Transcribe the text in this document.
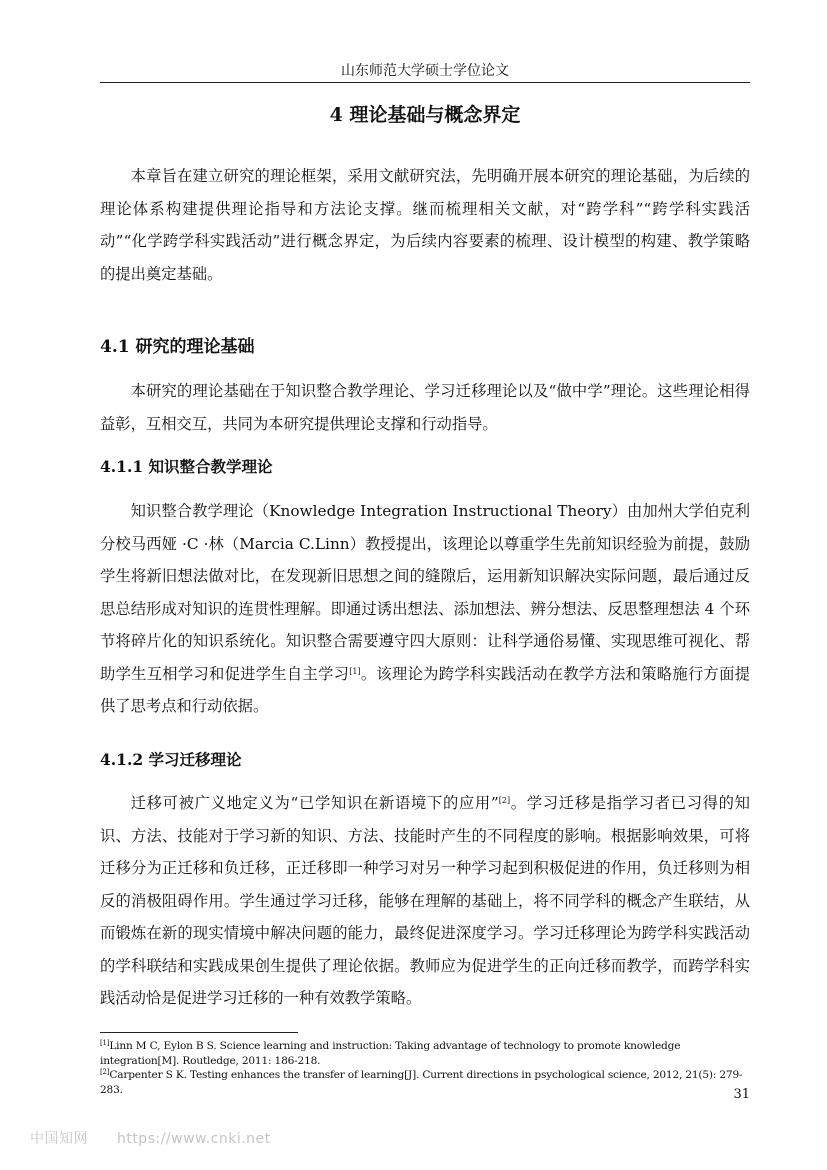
山东师范大学硕士学位论文
4 理论基础与概念界定

本章旨在建立研究的理论框架，采用文献研究法，先明确开展本研究的理论基础，为后续的理论体系构建提供理论指导和方法论支撑。继而梳理相关文献，对“跨学科”“跨学科实践活动”“化学跨学科实践活动”进行概念界定，为后续内容要素的梳理、设计模型的构建、教学策略的提出奠定基础。

4.1 研究的理论基础

本研究的理论基础在于知识整合教学理论、学习迁移理论以及“做中学”理论。这些理论相得益彰，互相交互，共同为本研究提供理论支撑和行动指导。

4.1.1 知识整合教学理论

知识整合教学理论（Knowledge Integration Instructional Theory）由加州大学伯克利分校马西娅 ·C ·林（Marcia C.Linn）教授提出，该理论以尊重学生先前知识经验为前提，鼓励学生将新旧想法做对比，在发现新旧思想之间的缝隙后，运用新知识解决实际问题，最后通过反思总结形成对知识的连贯性理解。即通过诱出想法、添加想法、辨分想法、反思整理想法 4 个环节将碎片化的知识系统化。知识整合需要遵守四大原则：让科学通俗易懂、实现思维可视化、帮助学生互相学习和促进学生自主学习[1]。该理论为跨学科实践活动在教学方法和策略施行方面提供了思考点和行动依据。

4.1.2 学习迁移理论

迁移可被广义地定义为“已学知识在新语境下的应用”[2]。学习迁移是指学习者已习得的知识、方法、技能对于学习新的知识、方法、技能时产生的不同程度的影响。根据影响效果，可将迁移分为正迁移和负迁移，正迁移即一种学习对另一种学习起到积极促进的作用，负迁移则为相反的消极阻碍作用。学生通过学习迁移，能够在理解的基础上，将不同学科的概念产生联结，从而锻炼在新的现实情境中解决问题的能力，最终促进深度学习。学习迁移理论为跨学科实践活动的学科联结和实践成果创生提供了理论依据。教师应为促进学生的正向迁移而教学，而跨学科实践活动恰是促进学习迁移的一种有效教学策略。

[1]Linn M C, Eylon B S. Science learning and instruction: Taking advantage of technology to promote knowledge integration[M]. Routledge, 2011: 186-218.

[2]Carpenter S K. Testing enhances the transfer of learning[J]. Current directions in psychological science, 2012, 21(5): 279-283.	31
中国知网 https://www.cnki.net
